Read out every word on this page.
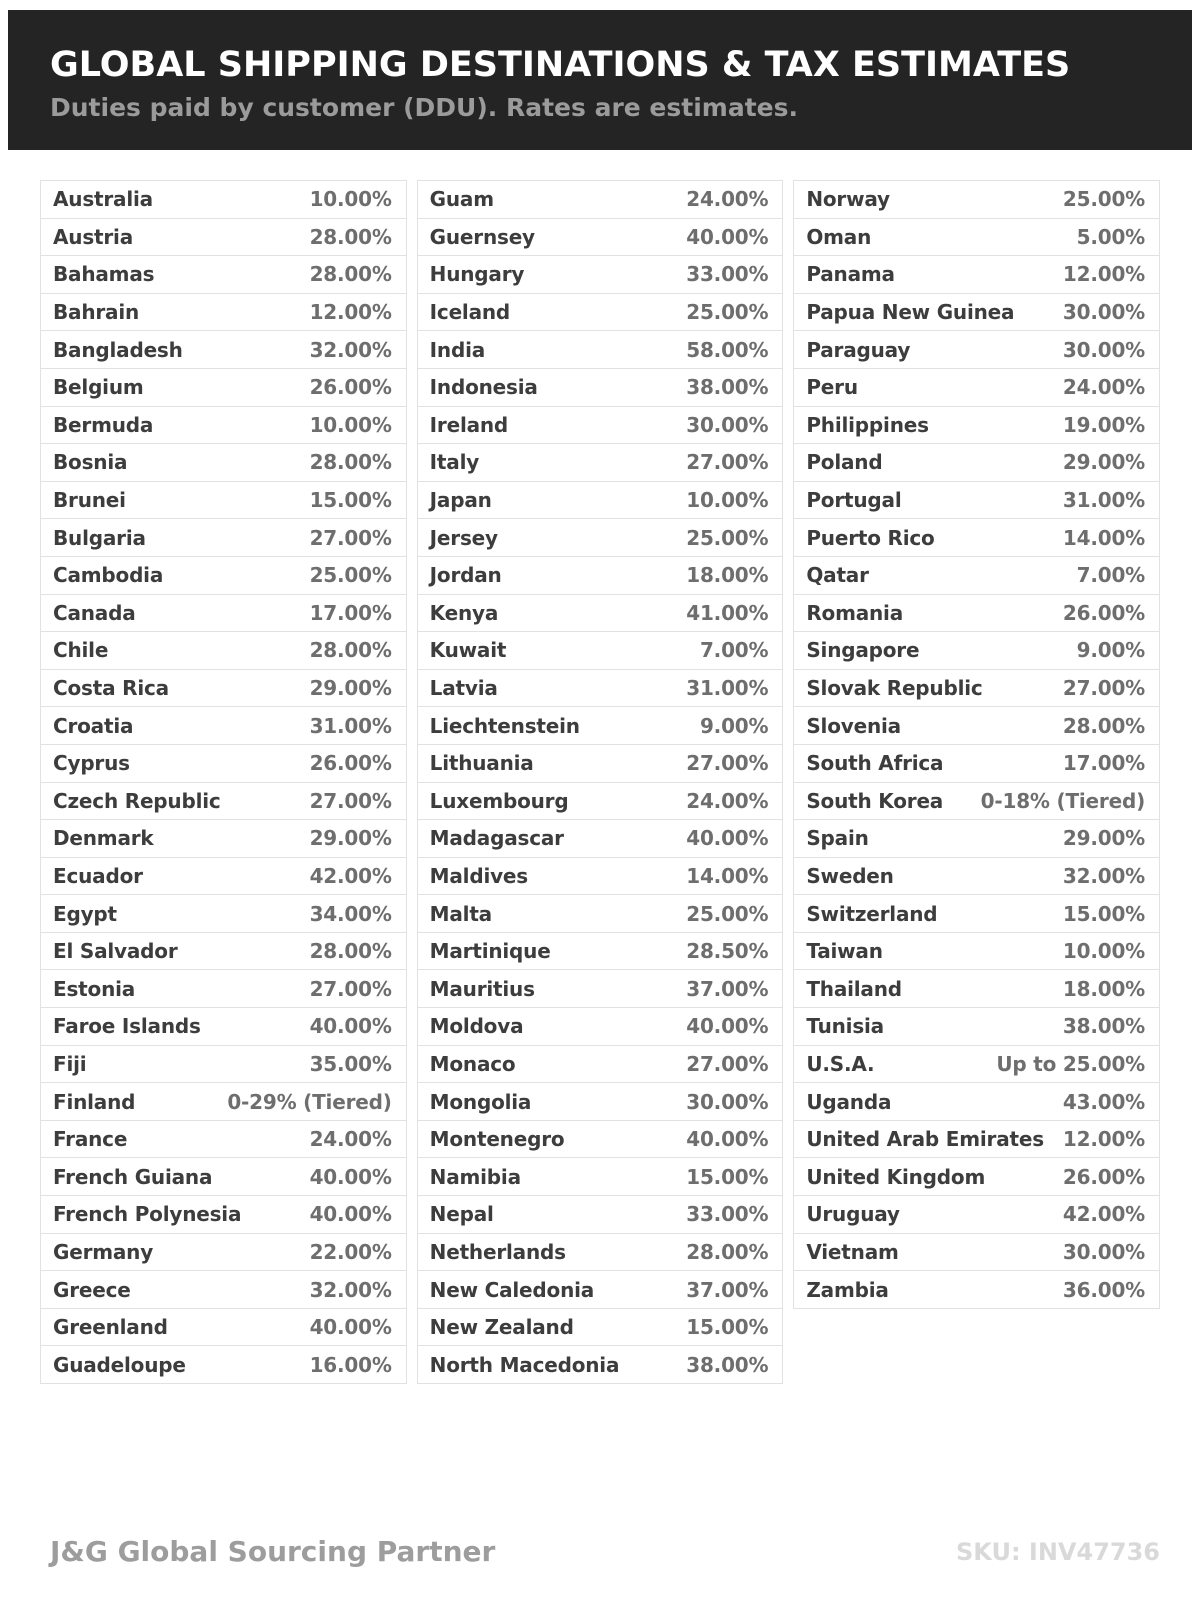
GLOBAL SHIPPING DESTINATIONS & TAX ESTIMATES
Duties paid by customer (DDU). Rates are estimates.
Australia	10.00%
Austria	28.00%
Bahamas	28.00%
Bahrain	12.00%
Bangladesh	32.00%
Belgium	26.00%
Bermuda	10.00%
Bosnia	28.00%
Brunei	15.00%
Bulgaria	27.00%
Cambodia	25.00%
Canada	17.00%
Chile	28.00%
Costa Rica	29.00%
Croatia	31.00%
Cyprus	26.00%
Czech Republic	27.00%
Denmark	29.00%
Ecuador	42.00%
Egypt	34.00%
El Salvador	28.00%
Estonia	27.00%
Faroe Islands	40.00%
Fiji	35.00%
Finland	0-29% (Tiered)
France	24.00%
French Guiana	40.00%
French Polynesia	40.00%
Germany	22.00%
Greece	32.00%
Greenland	40.00%
Guadeloupe	16.00%
Guam	24.00%
Guernsey	40.00%
Hungary	33.00%
Iceland	25.00%
India	58.00%
Indonesia	38.00%
Ireland	30.00%
Italy	27.00%
Japan	10.00%
Jersey	25.00%
Jordan	18.00%
Kenya	41.00%
Kuwait	7.00%
Latvia	31.00%
Liechtenstein	9.00%
Lithuania	27.00%
Luxembourg	24.00%
Madagascar	40.00%
Maldives	14.00%
Malta	25.00%
Martinique	28.50%
Mauritius	37.00%
Moldova	40.00%
Monaco	27.00%
Mongolia	30.00%
Montenegro	40.00%
Namibia	15.00%
Nepal	33.00%
Netherlands	28.00%
New Caledonia	37.00%
New Zealand	15.00%
North Macedonia	38.00%
Norway	25.00%
Oman	5.00%
Panama	12.00%
Papua New Guinea	30.00%
Paraguay	30.00%
Peru	24.00%
Philippines	19.00%
Poland	29.00%
Portugal	31.00%
Puerto Rico	14.00%
Qatar	7.00%
Romania	26.00%
Singapore	9.00%
Slovak Republic	27.00%
Slovenia	28.00%
South Africa	17.00%
South Korea	0-18% (Tiered)
Spain	29.00%
Sweden	32.00%
Switzerland	15.00%
Taiwan	10.00%
Thailand	18.00%
Tunisia	38.00%
U.S.A.	Up to 25.00%
Uganda	43.00%
United Arab Emirates 12.00%
United Kingdom	26.00%
Uruguay	42.00%
Vietnam	30.00%
Zambia	36.00%
J&G Global Sourcing Partner	SKU: INV47736
